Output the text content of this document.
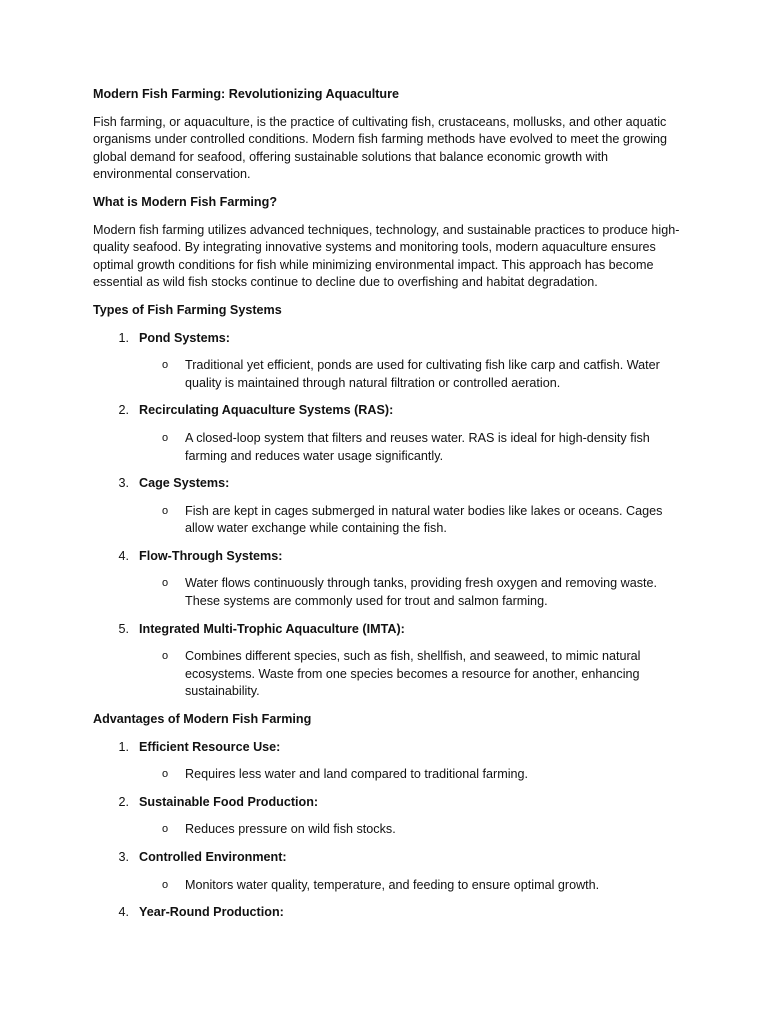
Modern Fish Farming: Revolutionizing Aquaculture

Fish farming, or aquaculture, is the practice of cultivating fish, crustaceans, mollusks, and other aquatic organisms under controlled conditions. Modern fish farming methods have evolved to meet the growing global demand for seafood, offering sustainable solutions that balance economic growth with environmental conservation.

What is Modern Fish Farming?

Modern fish farming utilizes advanced techniques, technology, and sustainable practices to produce high-quality seafood. By integrating innovative systems and monitoring tools, modern aquaculture ensures optimal growth conditions for fish while minimizing environmental impact. This approach has become essential as wild fish stocks continue to decline due to overfishing and habitat degradation.

Types of Fish Farming Systems

1. Pond Systems:
o Traditional yet efficient, ponds are used for cultivating fish like carp and catfish. Water quality is maintained through natural filtration or controlled aeration.
2. Recirculating Aquaculture Systems (RAS):
o A closed-loop system that filters and reuses water. RAS is ideal for high-density fish farming and reduces water usage significantly.
3. Cage Systems:
o Fish are kept in cages submerged in natural water bodies like lakes or oceans. Cages allow water exchange while containing the fish.
4. Flow-Through Systems:
o Water flows continuously through tanks, providing fresh oxygen and removing waste. These systems are commonly used for trout and salmon farming.
5. Integrated Multi-Trophic Aquaculture (IMTA):
o Combines different species, such as fish, shellfish, and seaweed, to mimic natural ecosystems. Waste from one species becomes a resource for another, enhancing sustainability.

Advantages of Modern Fish Farming

1. Efficient Resource Use:
o Requires less water and land compared to traditional farming.
2. Sustainable Food Production:
o Reduces pressure on wild fish stocks.
3. Controlled Environment:
o Monitors water quality, temperature, and feeding to ensure optimal growth.
4. Year-Round Production:
